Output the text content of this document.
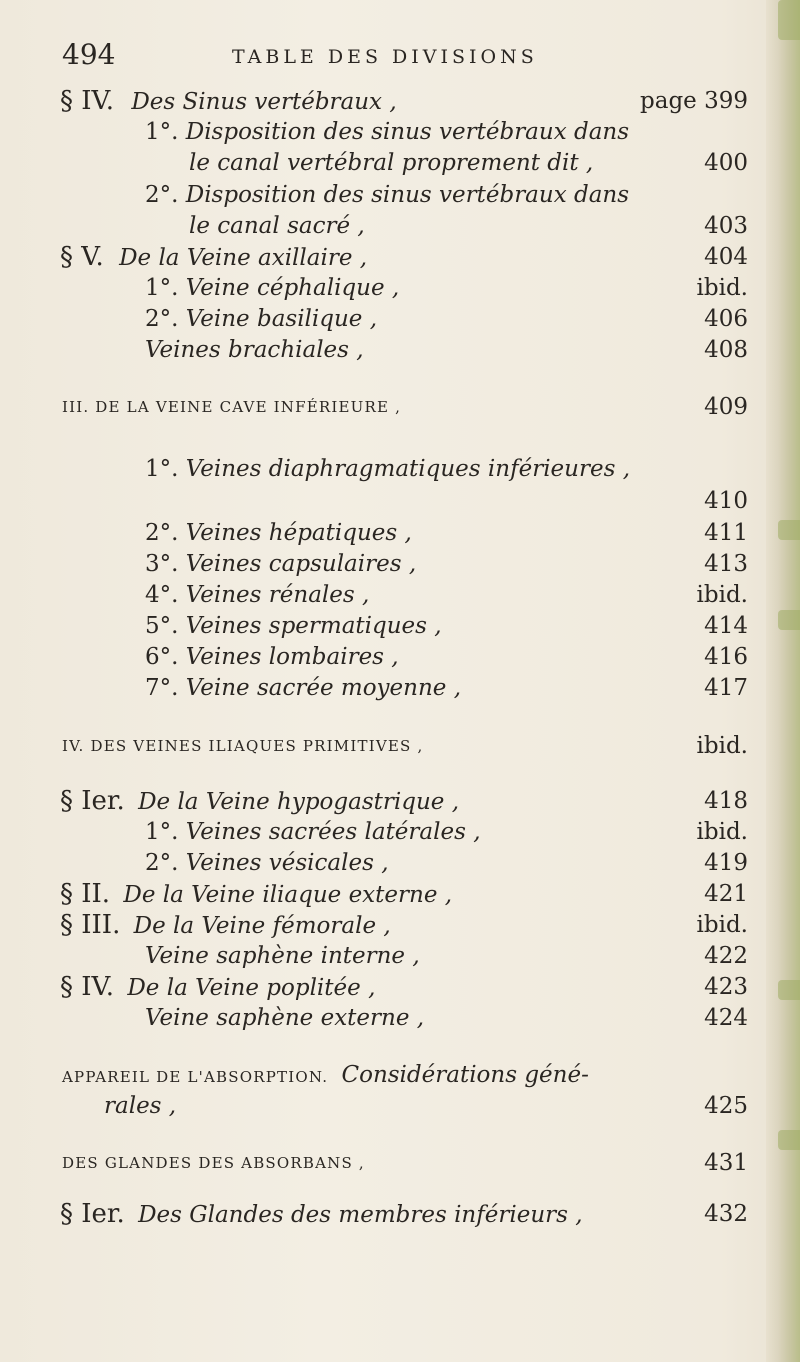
494	TABLE DES DIVISIONS
§ IV. Des Sinus vertébraux ,	page 399
1°. Disposition des sinus vertébraux dans
le canal vertébral proprement dit ,	400
2°. Disposition des sinus vertébraux dans
le canal sacré ,	403
§ V. De la Veine axillaire ,	404
1°. Veine céphalique ,	ibid.
2°. Veine basilique ,	406
Veines brachiales ,	408
III. DE LA VEINE CAVE INFÉRIEURE ,	409
1°. Veines diaphragmatiques inférieures ,
410
2°. Veines hépatiques ,	411
3°. Veines capsulaires ,	413
4°. Veines rénales ,	ibid.
5°. Veines spermatiques ,	414
6°. Veines lombaires ,	416
7°. Veine sacrée moyenne ,	417
IV. DES VEINES ILIAQUES PRIMITIVES ,	ibid.
§ Ier. De la Veine hypogastrique ,	418
1°. Veines sacrées latérales ,	ibid.
2°. Veines vésicales ,	419
§ II. De la Veine iliaque externe ,	421
§ III. De la Veine fémorale ,	ibid.
Veine saphène interne ,	422
§ IV. De la Veine poplitée ,	423
Veine saphène externe ,	424
APPAREIL DE L'ABSORPTION. Considérations géné-
rales ,	425
DES GLANDES DES ABSORBANS ,	431
§ Ier. Des Glandes des membres inférieurs ,	432
